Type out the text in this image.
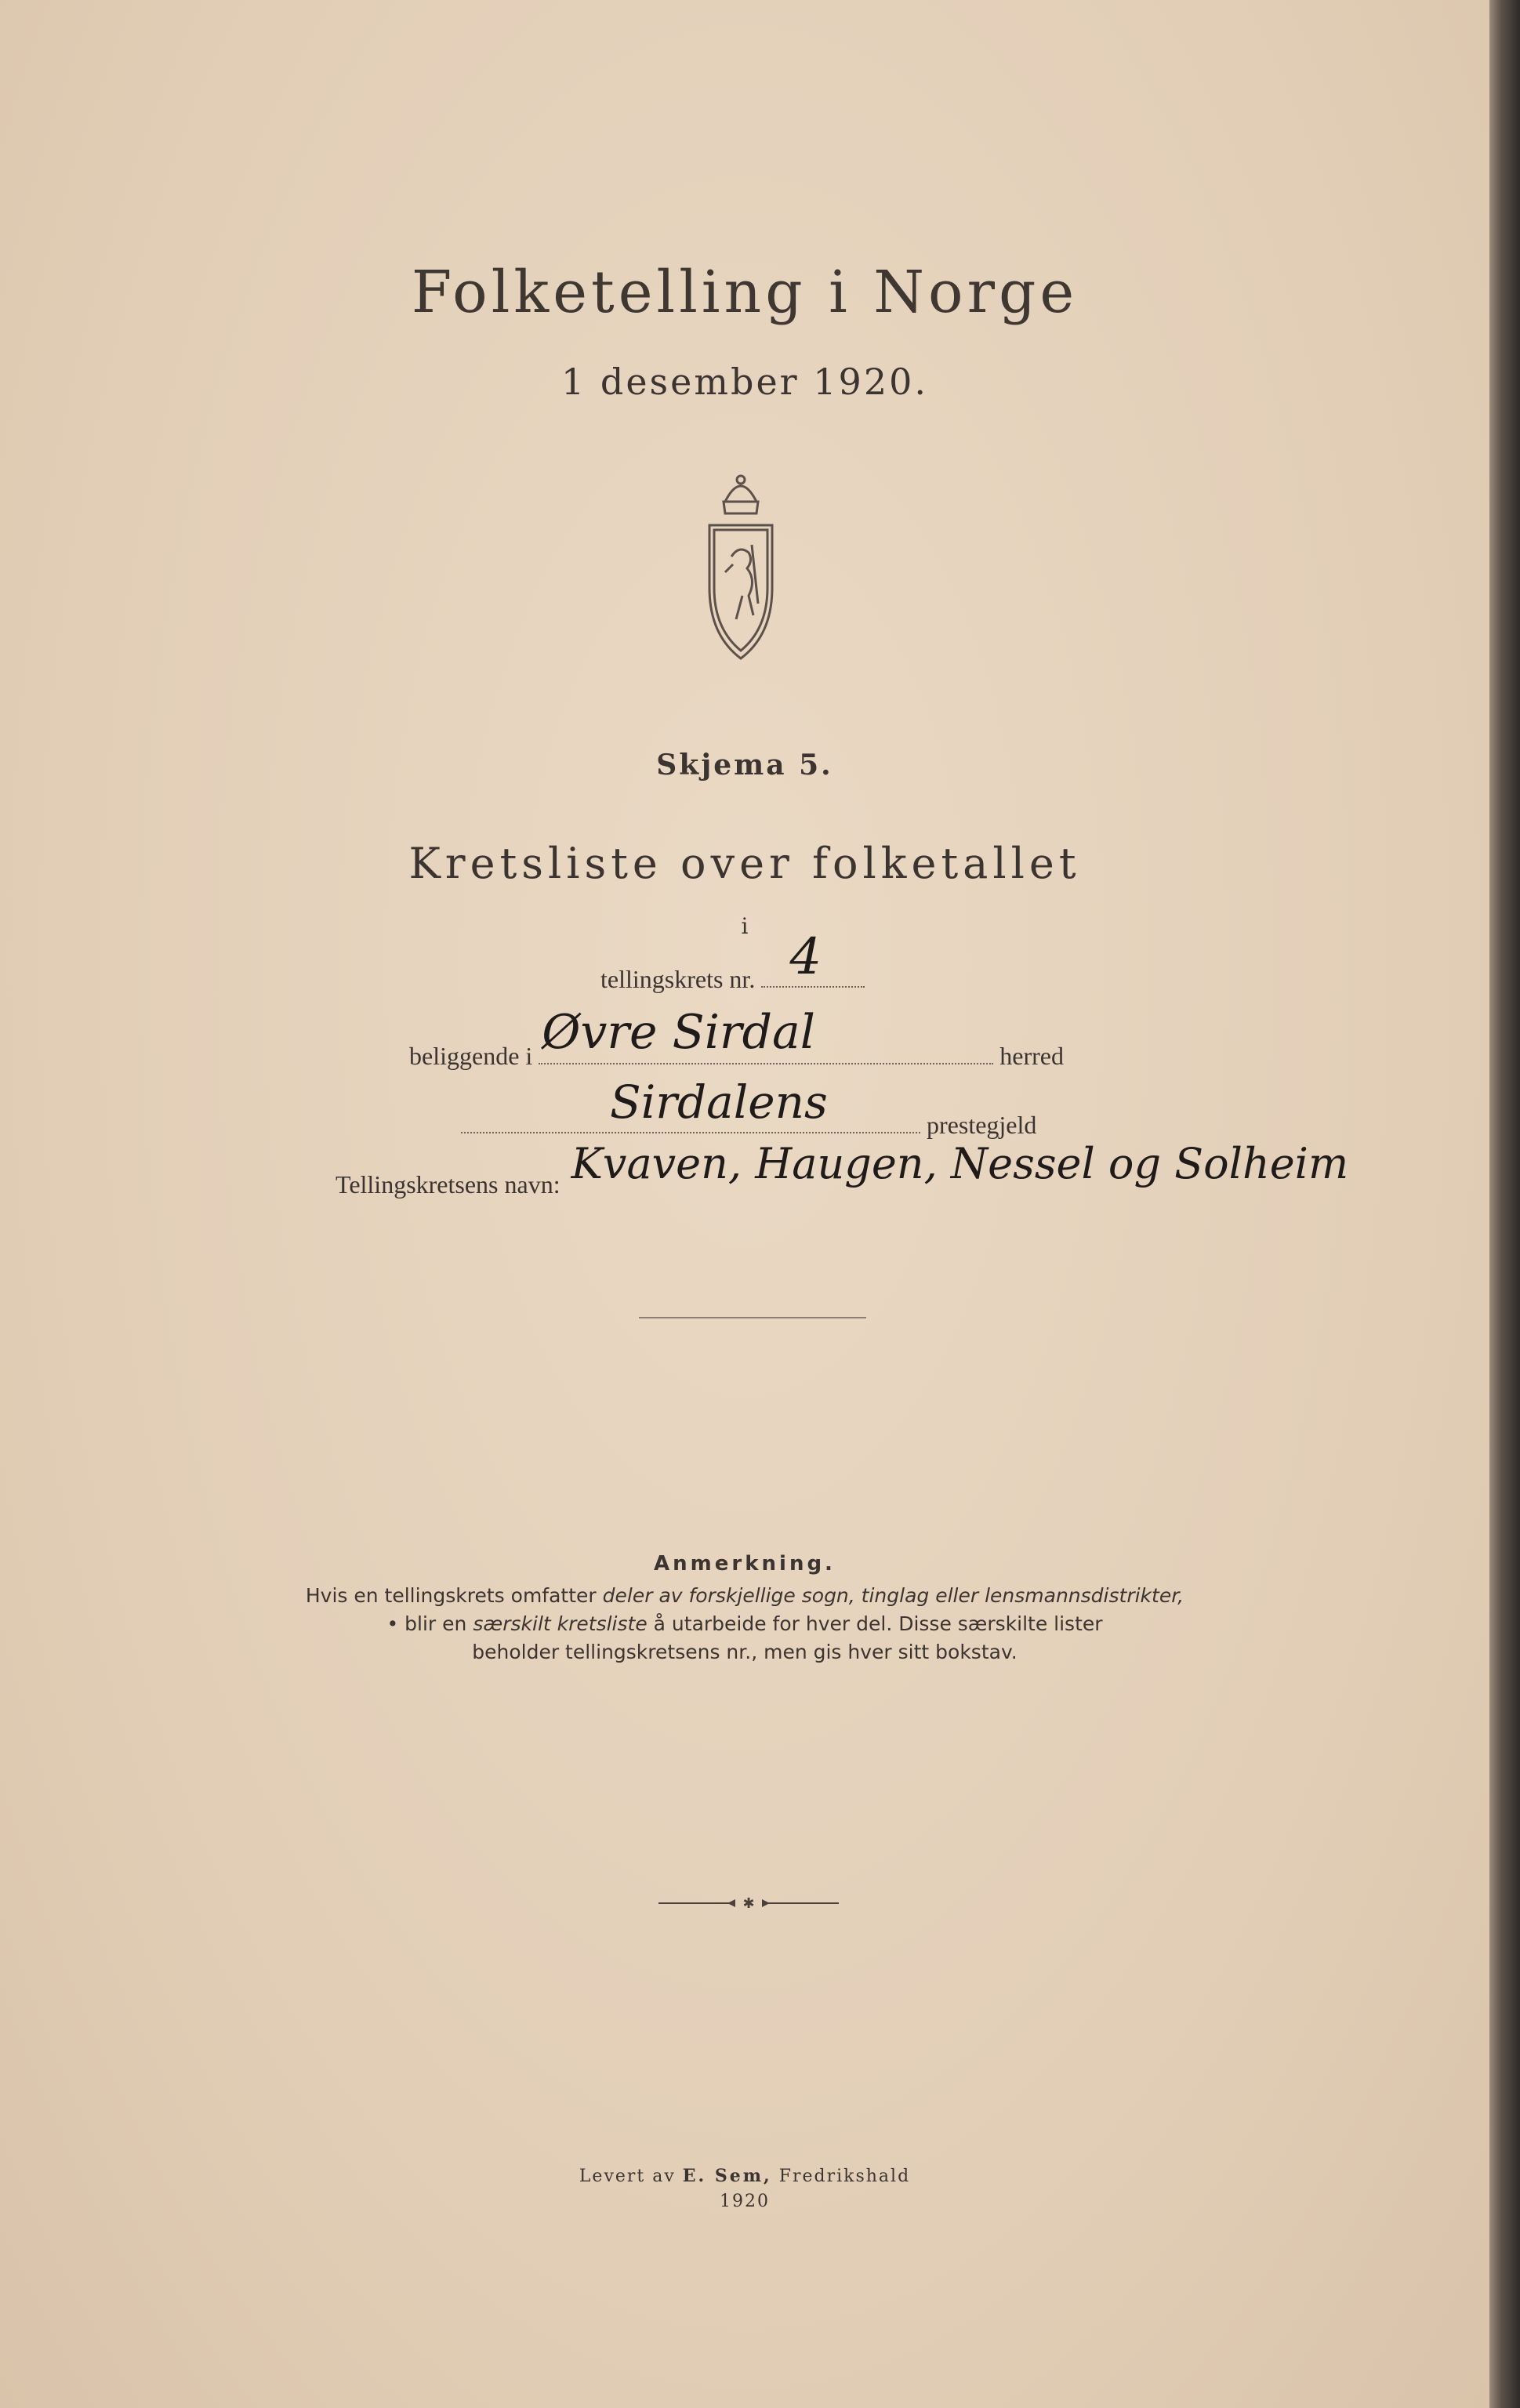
Folketelling i Norge
1 desember 1920.
Skjema 5.
Kretsliste over folketallet
i
tellingskrets nr. 4
beliggende i Øvre Sirdal	herred
Sirdalens	prestegjeld
Tellingskretsens navn: Kvaven, Haugen, Nessel og Solheim
Anmerkning.
Hvis en tellingskrets omfatter deler av forskjellige sogn, tinglag eller lensmannsdistrikter,
• blir en særskilt kretsliste å utarbeide for hver del. Disse særskilte lister
beholder tellingskretsens nr., men gis hver sitt bokstav.
✱
Levert av E. Sem, Fredrikshald
1920
